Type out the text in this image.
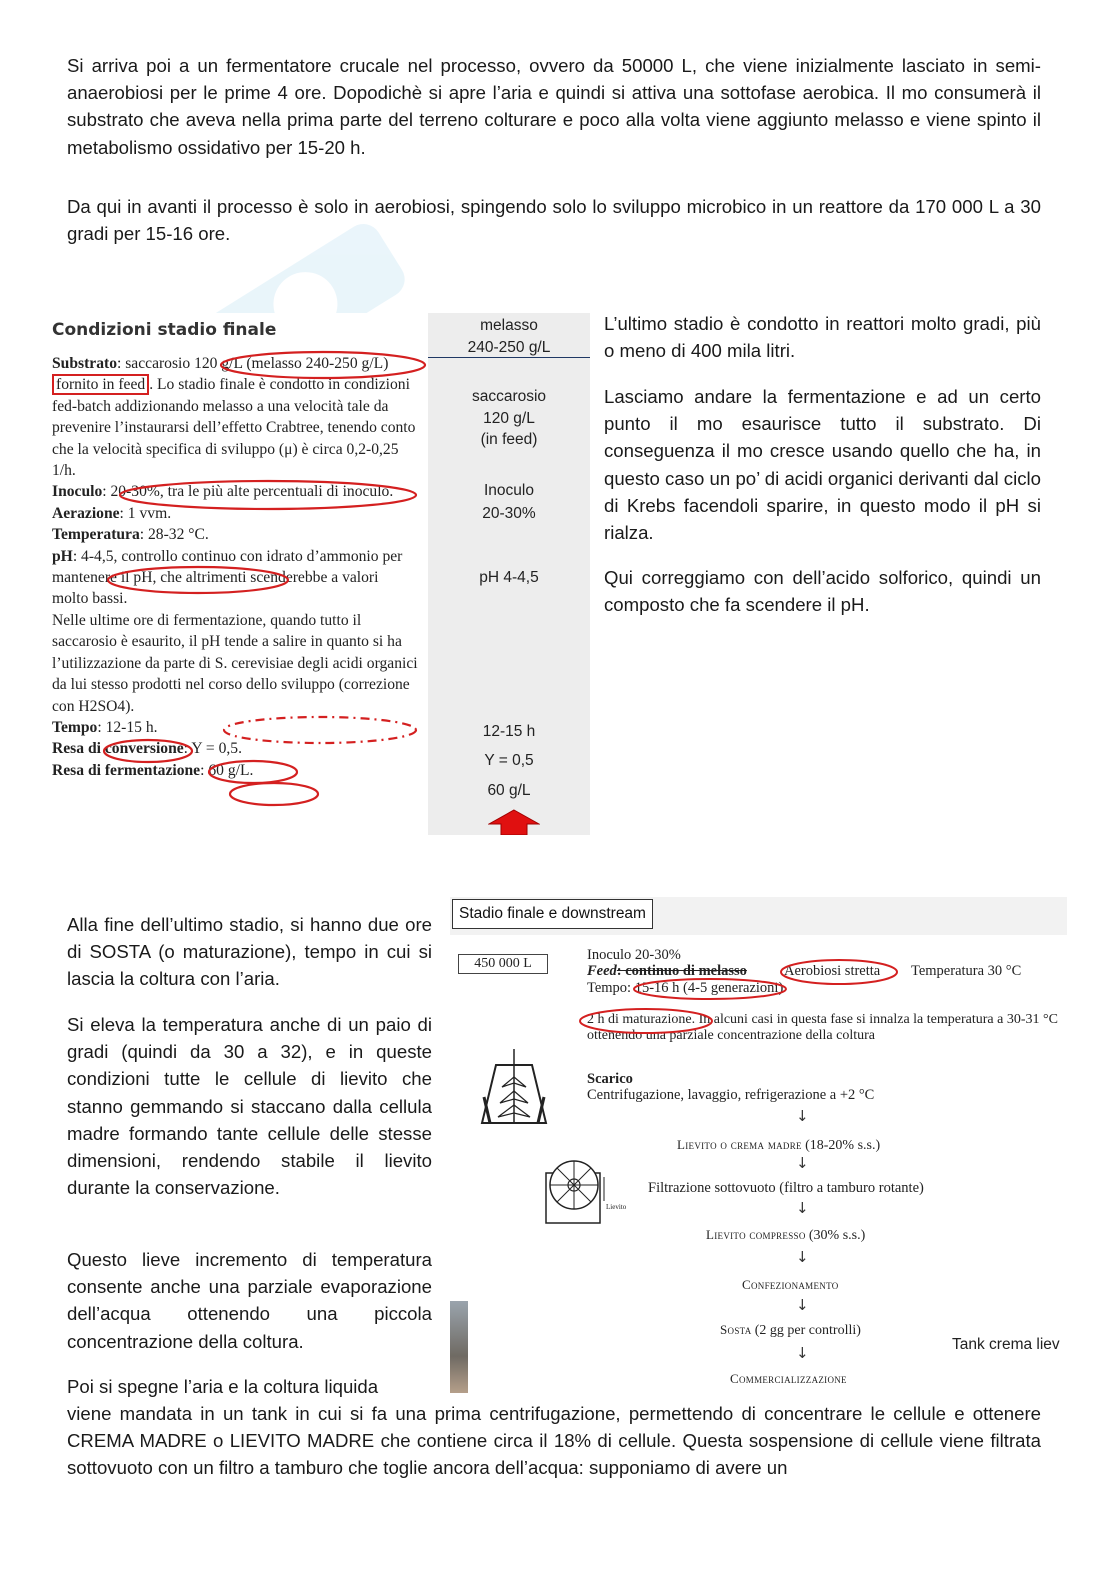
Si arriva poi a un fermentatore crucale nel processo, ovvero da 50000 L, che viene inizialmente lasciato in semi-anaerobiosi per le prime 4 ore. Dopodichè si apre l’aria e quindi si attiva una sottofase aerobica. Il mo consumerà il substrato che aveva nella prima parte del terreno colturare e poco alla volta viene aggiunto melasso e viene spinto il metabolismo ossidativo per 15-20 h.

Da qui in avanti il processo è solo in aerobiosi, spingendo solo lo sviluppo microbico in un reattore da 170 000 L a 30 gradi per 15-16 ore.

Condizioni stadio finale
Substrato: saccarosio 120 g/L (melasso 240-250 g/L) fornito in feed . Lo stadio finale è condotto in condizioni fed-batch addizionando melasso a una velocità tale da prevenire l’instaurarsi dell’effetto Crabtree, tenendo conto che la velocità specifica di sviluppo (μ) è circa 0,2-0,25 1/h.
Inoculo: 20-30%, tra le più alte percentuali di inoculo.
Aerazione: 1 vvm.
Temperatura: 28-32 °C.
pH: 4-4,5, controllo continuo con idrato d’ammonio per mantenere il pH, che altrimenti scenderebbe a valori molto bassi.
Nelle ultime ore di fermentazione, quando tutto il saccarosio è esaurito, il pH tende a salire in quanto si ha l’utilizzazione da parte di S. cerevisiae degli acidi organici da lui stesso prodotti nel corso dello sviluppo (correzione con H2SO4).
Tempo: 12-15 h.
Resa di conversione: Y = 0,5.
Resa di fermentazione: 60 g/L.
melasso
240-250 g/L
saccarosio
120 g/L
(in feed)
Inoculo
20-30%
pH 4-4,5
12-15 h
Y = 0,5
60 g/L

L’ultimo stadio è condotto in reattori molto gradi, più o meno di 400 mila litri.

Lasciamo andare la fermentazione e ad un certo punto il mo esaurisce tutto il substrato. Di conseguenza il mo cresce usando quello che ha, in questo caso un po’ di acidi organici derivanti dal ciclo di Krebs facendoli sparire, in questo modo il pH si rialza.

Qui correggiamo con dell’acido solforico, quindi un composto che fa scendere il pH.

Alla fine dell’ultimo stadio, si hanno due ore di SOSTA (o maturazione), tempo in cui si lascia la coltura con l’aria.

Si eleva la temperatura anche di un paio di gradi (quindi da 30 a 32), e in queste condizioni tutte le cellule di lievito che stanno gemmando si staccano dalla cellula madre formando tante cellule delle stesse dimensioni, rendendo stabile il lievito durante la conservazione.

Questo lieve incremento di temperatura consente anche una parziale evaporazione dell’acqua ottenendo una piccola concentrazione della coltura.

Poi si spegne l’aria e la coltura liquida

viene mandata in un tank in cui si fa una prima centrifugazione, permettendo di concentrare le cellule e ottenere CREMA MADRE o LIEVITO MADRE che contiene circa il 18% di cellule. Questa sospensione di cellule viene filtrata sottovuoto con un filtro a tamburo che toglie ancora dell’acqua: supponiamo di avere un

Stadio finale e downstream
450 000 L
Lievito
Inoculo 20-30%
Feed: continuo di melasso	Aerobiosi stretta Temperatura 30 °C
Tempo: 15-16 h (4-5 generazioni)
2 h di maturazione. In alcuni casi in questa fase si innalza la temperatura a 30-31 °C ottenendo una parziale concentrazione della coltura
Scarico
Centrifugazione, lavaggio, refrigerazione a +2 °C
↓
Lievito o crema madre (18-20% s.s.)
↓
Filtrazione sottovuoto (filtro a tamburo rotante)
↓
Lievito compresso (30% s.s.)
↓
Confezionamento
↓
Sosta (2 gg per controlli)
↓
Commercializzazione
Tank crema liev
